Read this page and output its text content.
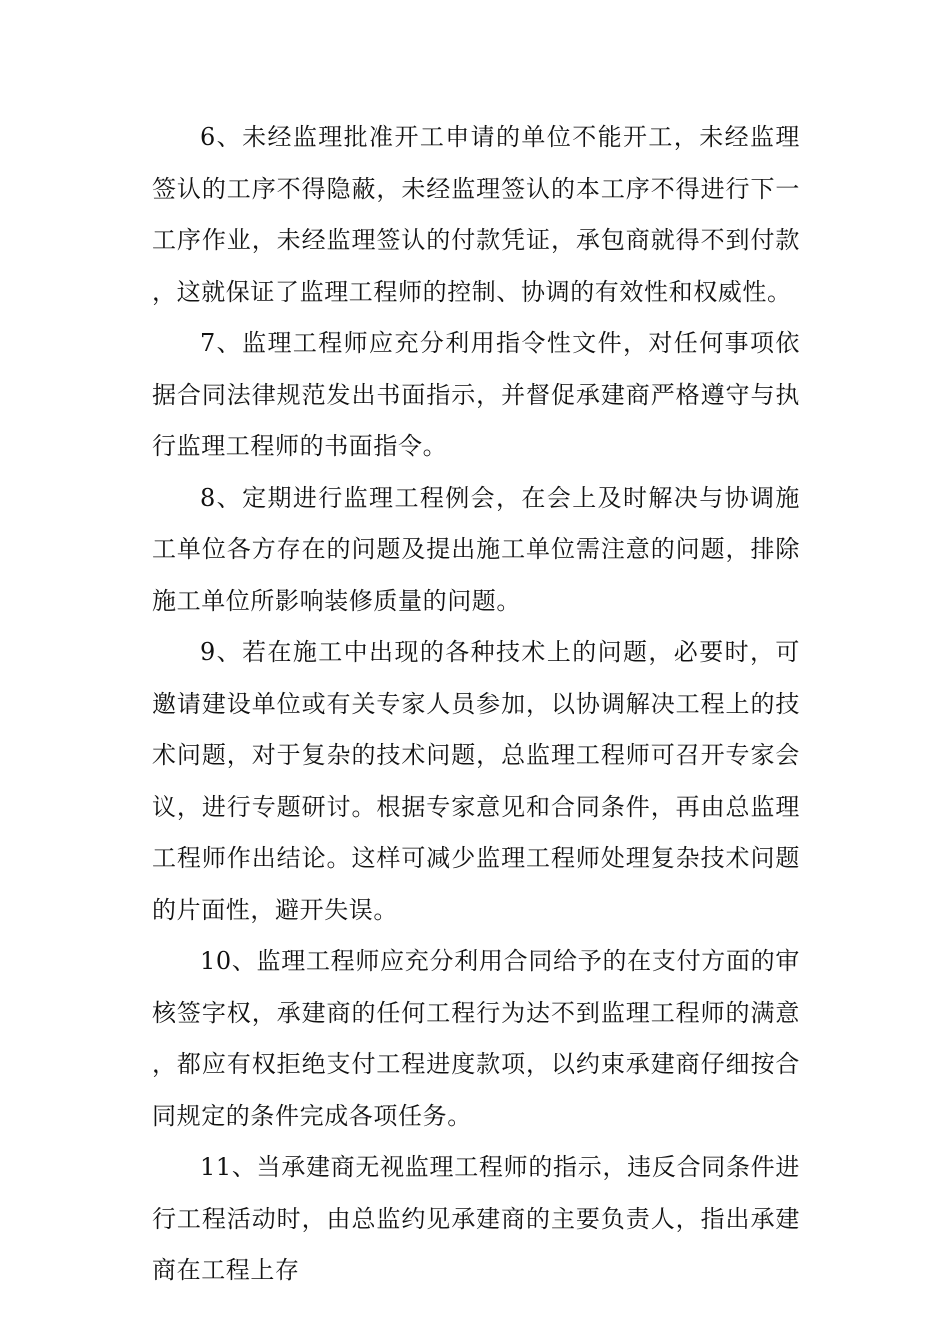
6、未经监理批准开工申请的单位不能开工，未经监理签认的工序不得隐蔽，未经监理签认的本工序不得进行下一工序作业，未经监理签认的付款凭证，承包商就得不到付款，这就保证了监理工程师的控制、协调的有效性和权威性。

7、监理工程师应充分利用指令性文件，对任何事项依据合同法律规范发出书面指示，并督促承建商严格遵守与执行监理工程师的书面指令。

8、定期进行监理工程例会，在会上及时解决与协调施工单位各方存在的问题及提出施工单位需注意的问题，排除施工单位所影响装修质量的问题。

9、若在施工中出现的各种技术上的问题，必要时，可邀请建设单位或有关专家人员参加，以协调解决工程上的技术问题，对于复杂的技术问题，总监理工程师可召开专家会议，进行专题研讨。根据专家意见和合同条件，再由总监理工程师作出结论。这样可减少监理工程师处理复杂技术问题的片面性，避开失误。

10、监理工程师应充分利用合同给予的在支付方面的审核签字权，承建商的任何工程行为达不到监理工程师的满意，都应有权拒绝支付工程进度款项，以约束承建商仔细按合同规定的条件完成各项任务。

11、当承建商无视监理工程师的指示，违反合同条件进行工程活动时，由总监约见承建商的主要负责人，指出承建商在工程上存
